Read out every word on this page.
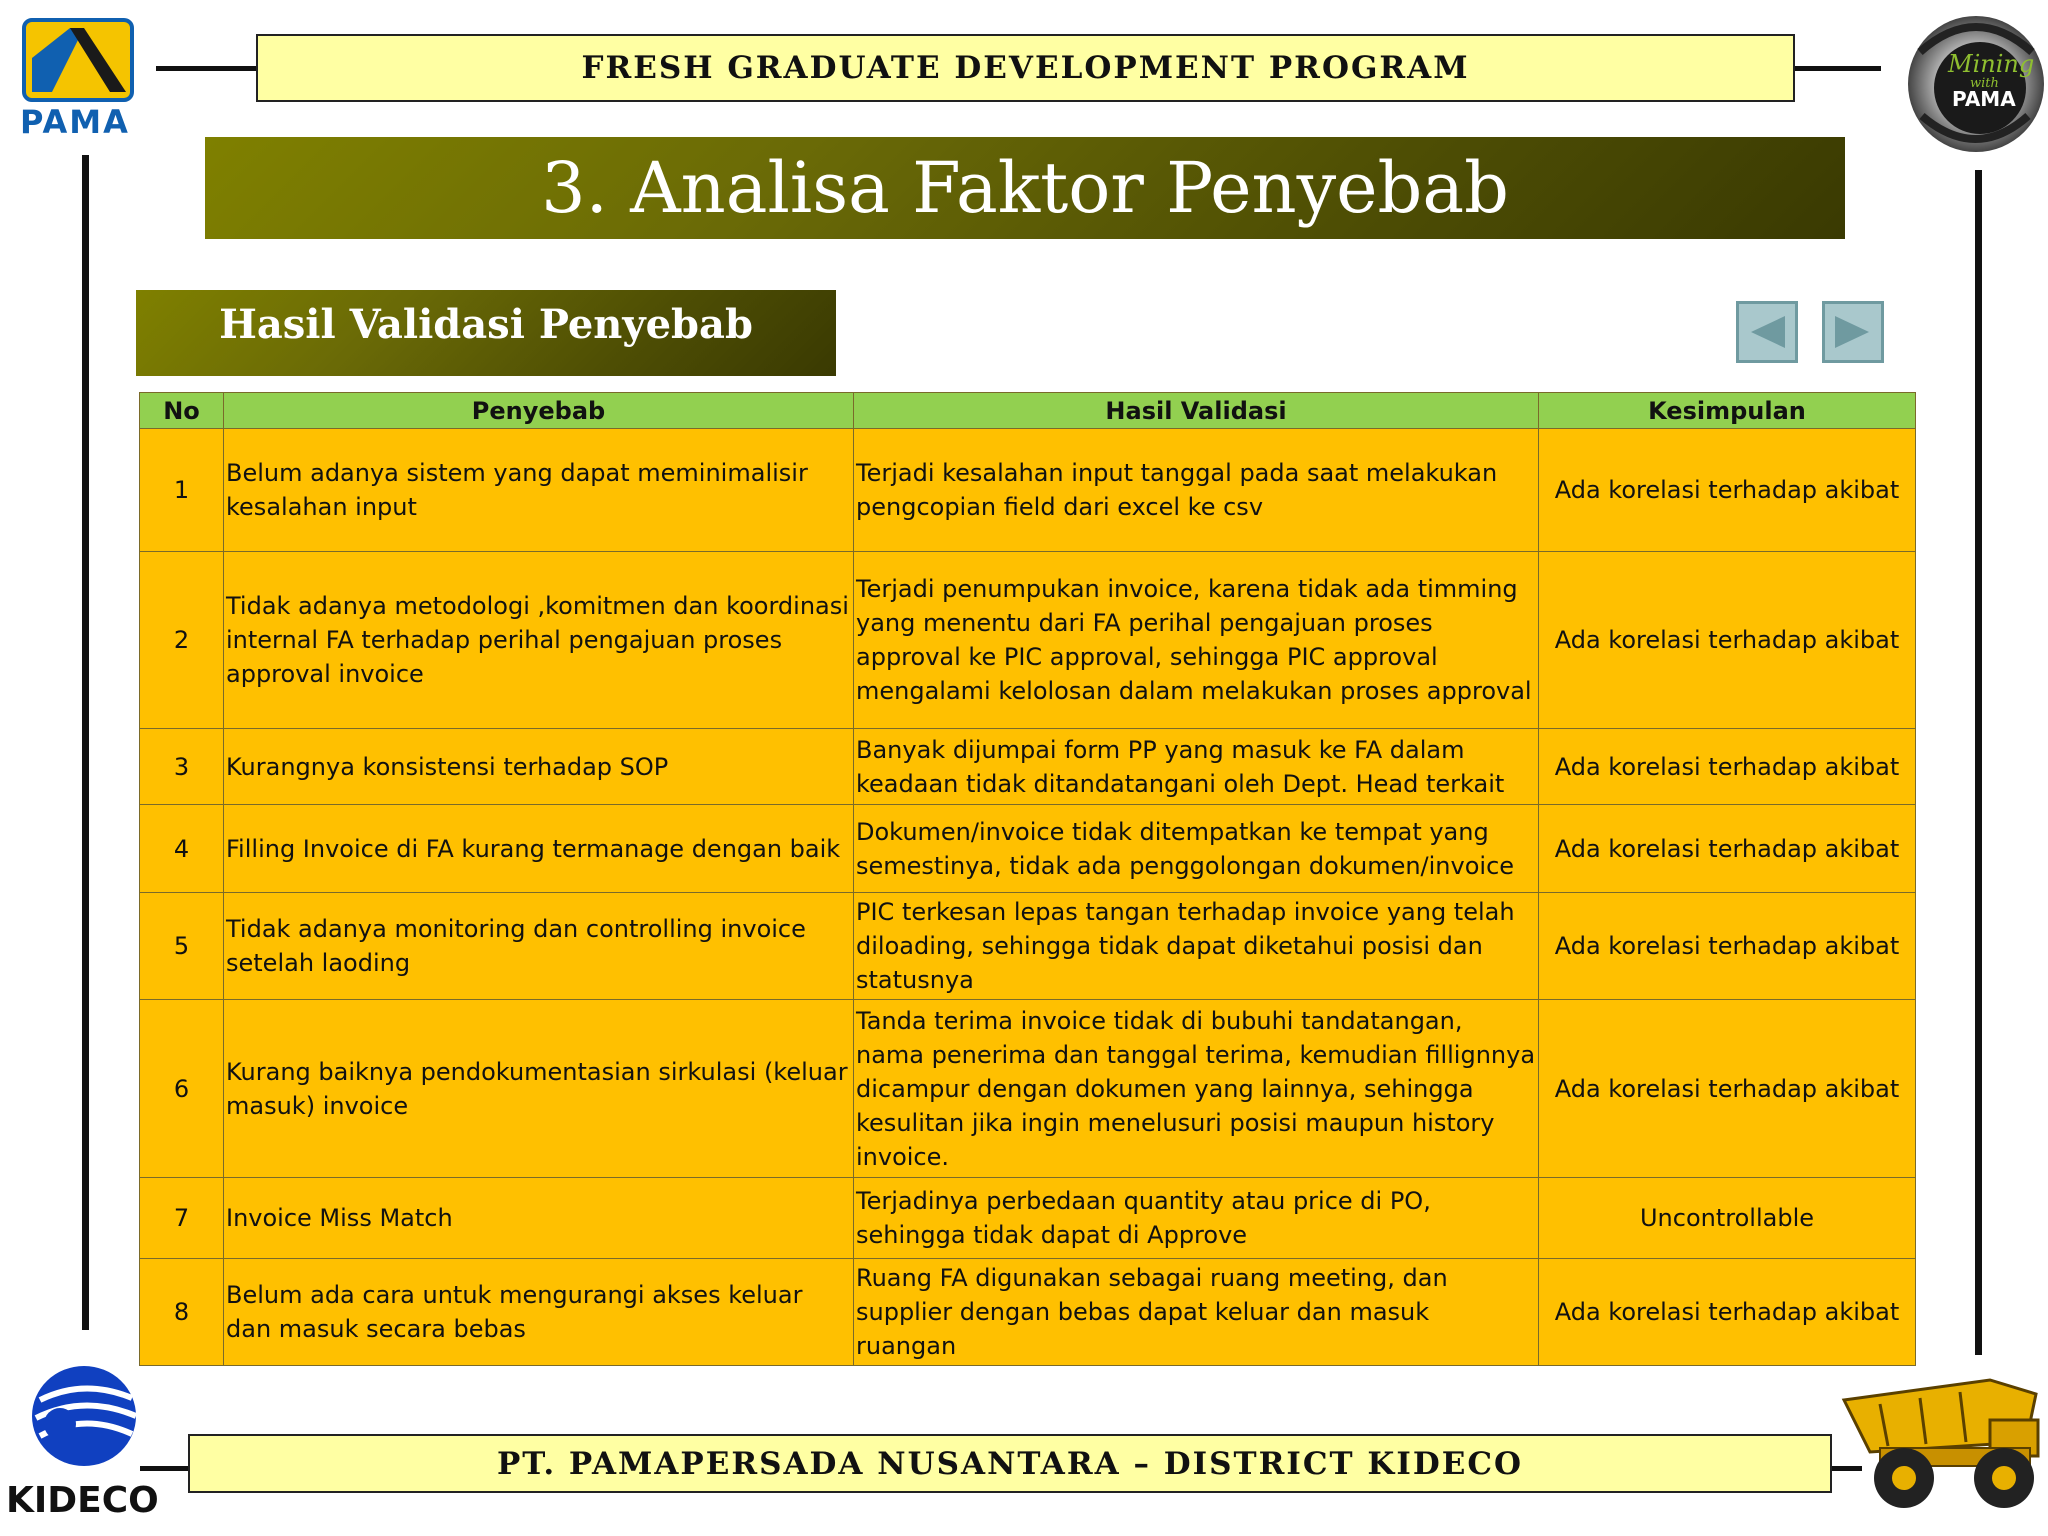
PAMA
FRESH GRADUATE DEVELOPMENT PROGRAM	Mining
with
PAMA
3. Analisa Faktor Penyebab
Hasil Validasi Penyebab
No	Penyebab	Hasil Validasi	Kesimpulan
1	Belum adanya sistem yang dapat meminimalisir kesalahan input	Terjadi kesalahan input tanggal pada saat melakukan pengcopian field dari excel ke csv	Ada korelasi terhadap akibat
2	Tidak adanya metodologi ,komitmen dan koordinasi internal FA terhadap perihal pengajuan proses approval invoice	Terjadi penumpukan invoice, karena tidak ada timming yang menentu dari FA perihal pengajuan proses approval ke PIC approval, sehingga PIC approval mengalami kelolosan dalam melakukan proses approval	Ada korelasi terhadap akibat
3	Kurangnya konsistensi terhadap SOP	Banyak dijumpai form PP yang masuk ke FA dalam keadaan tidak ditandatangani oleh Dept. Head terkait	Ada korelasi terhadap akibat
4	Filling Invoice di FA kurang termanage dengan baik	Dokumen/invoice tidak ditempatkan ke tempat yang semestinya, tidak ada penggolongan dokumen/invoice	Ada korelasi terhadap akibat
5	Tidak adanya monitoring dan controlling invoice setelah laoding	PIC terkesan lepas tangan terhadap invoice yang telah diloading, sehingga tidak dapat diketahui posisi dan statusnya	Ada korelasi terhadap akibat
6	Kurang baiknya pendokumentasian sirkulasi (keluar masuk) invoice	Tanda terima invoice tidak di bubuhi tandatangan, nama penerima dan tanggal terima, kemudian fillignnya dicampur dengan dokumen yang lainnya, sehingga kesulitan jika ingin menelusuri posisi maupun history invoice.	Ada korelasi terhadap akibat
7	Invoice Miss Match	Terjadinya perbedaan quantity atau price di PO, sehingga tidak dapat di Approve	Uncontrollable
8	Belum ada cara untuk mengurangi akses keluar dan masuk secara bebas	Ruang FA digunakan sebagai ruang meeting, dan supplier dengan bebas dapat keluar dan masuk ruangan	Ada korelasi terhadap akibat
KIDECO
PT. PAMAPERSADA NUSANTARA – DISTRICT KIDECO
